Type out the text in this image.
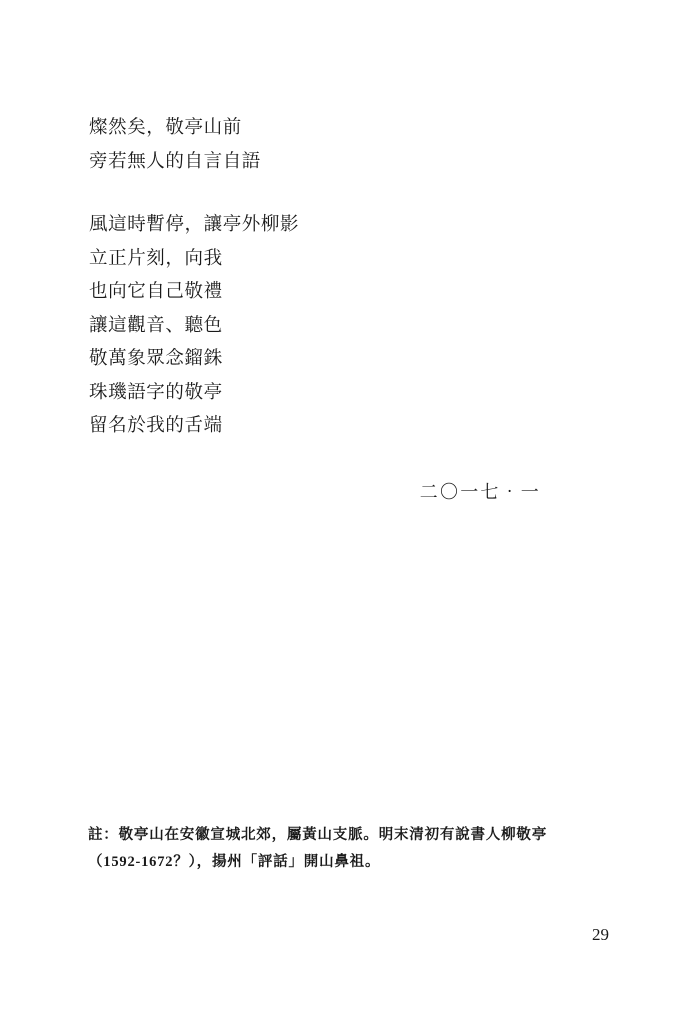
燦然矣，敬亭山前
旁若無人的自言自語
風這時暫停，讓亭外柳影
立正片刻，向我
也向它自己敬禮
讓這觀音、聽色
敬萬象眾念鎦銖
珠璣語字的敬亭
留名於我的舌端
二〇一七‧一
註：敬亭山在安徽宣城北郊，屬黃山支脈。明末清初有說書人柳敬亭
（1592-1672？），揚州「評話」開山鼻祖。
29
